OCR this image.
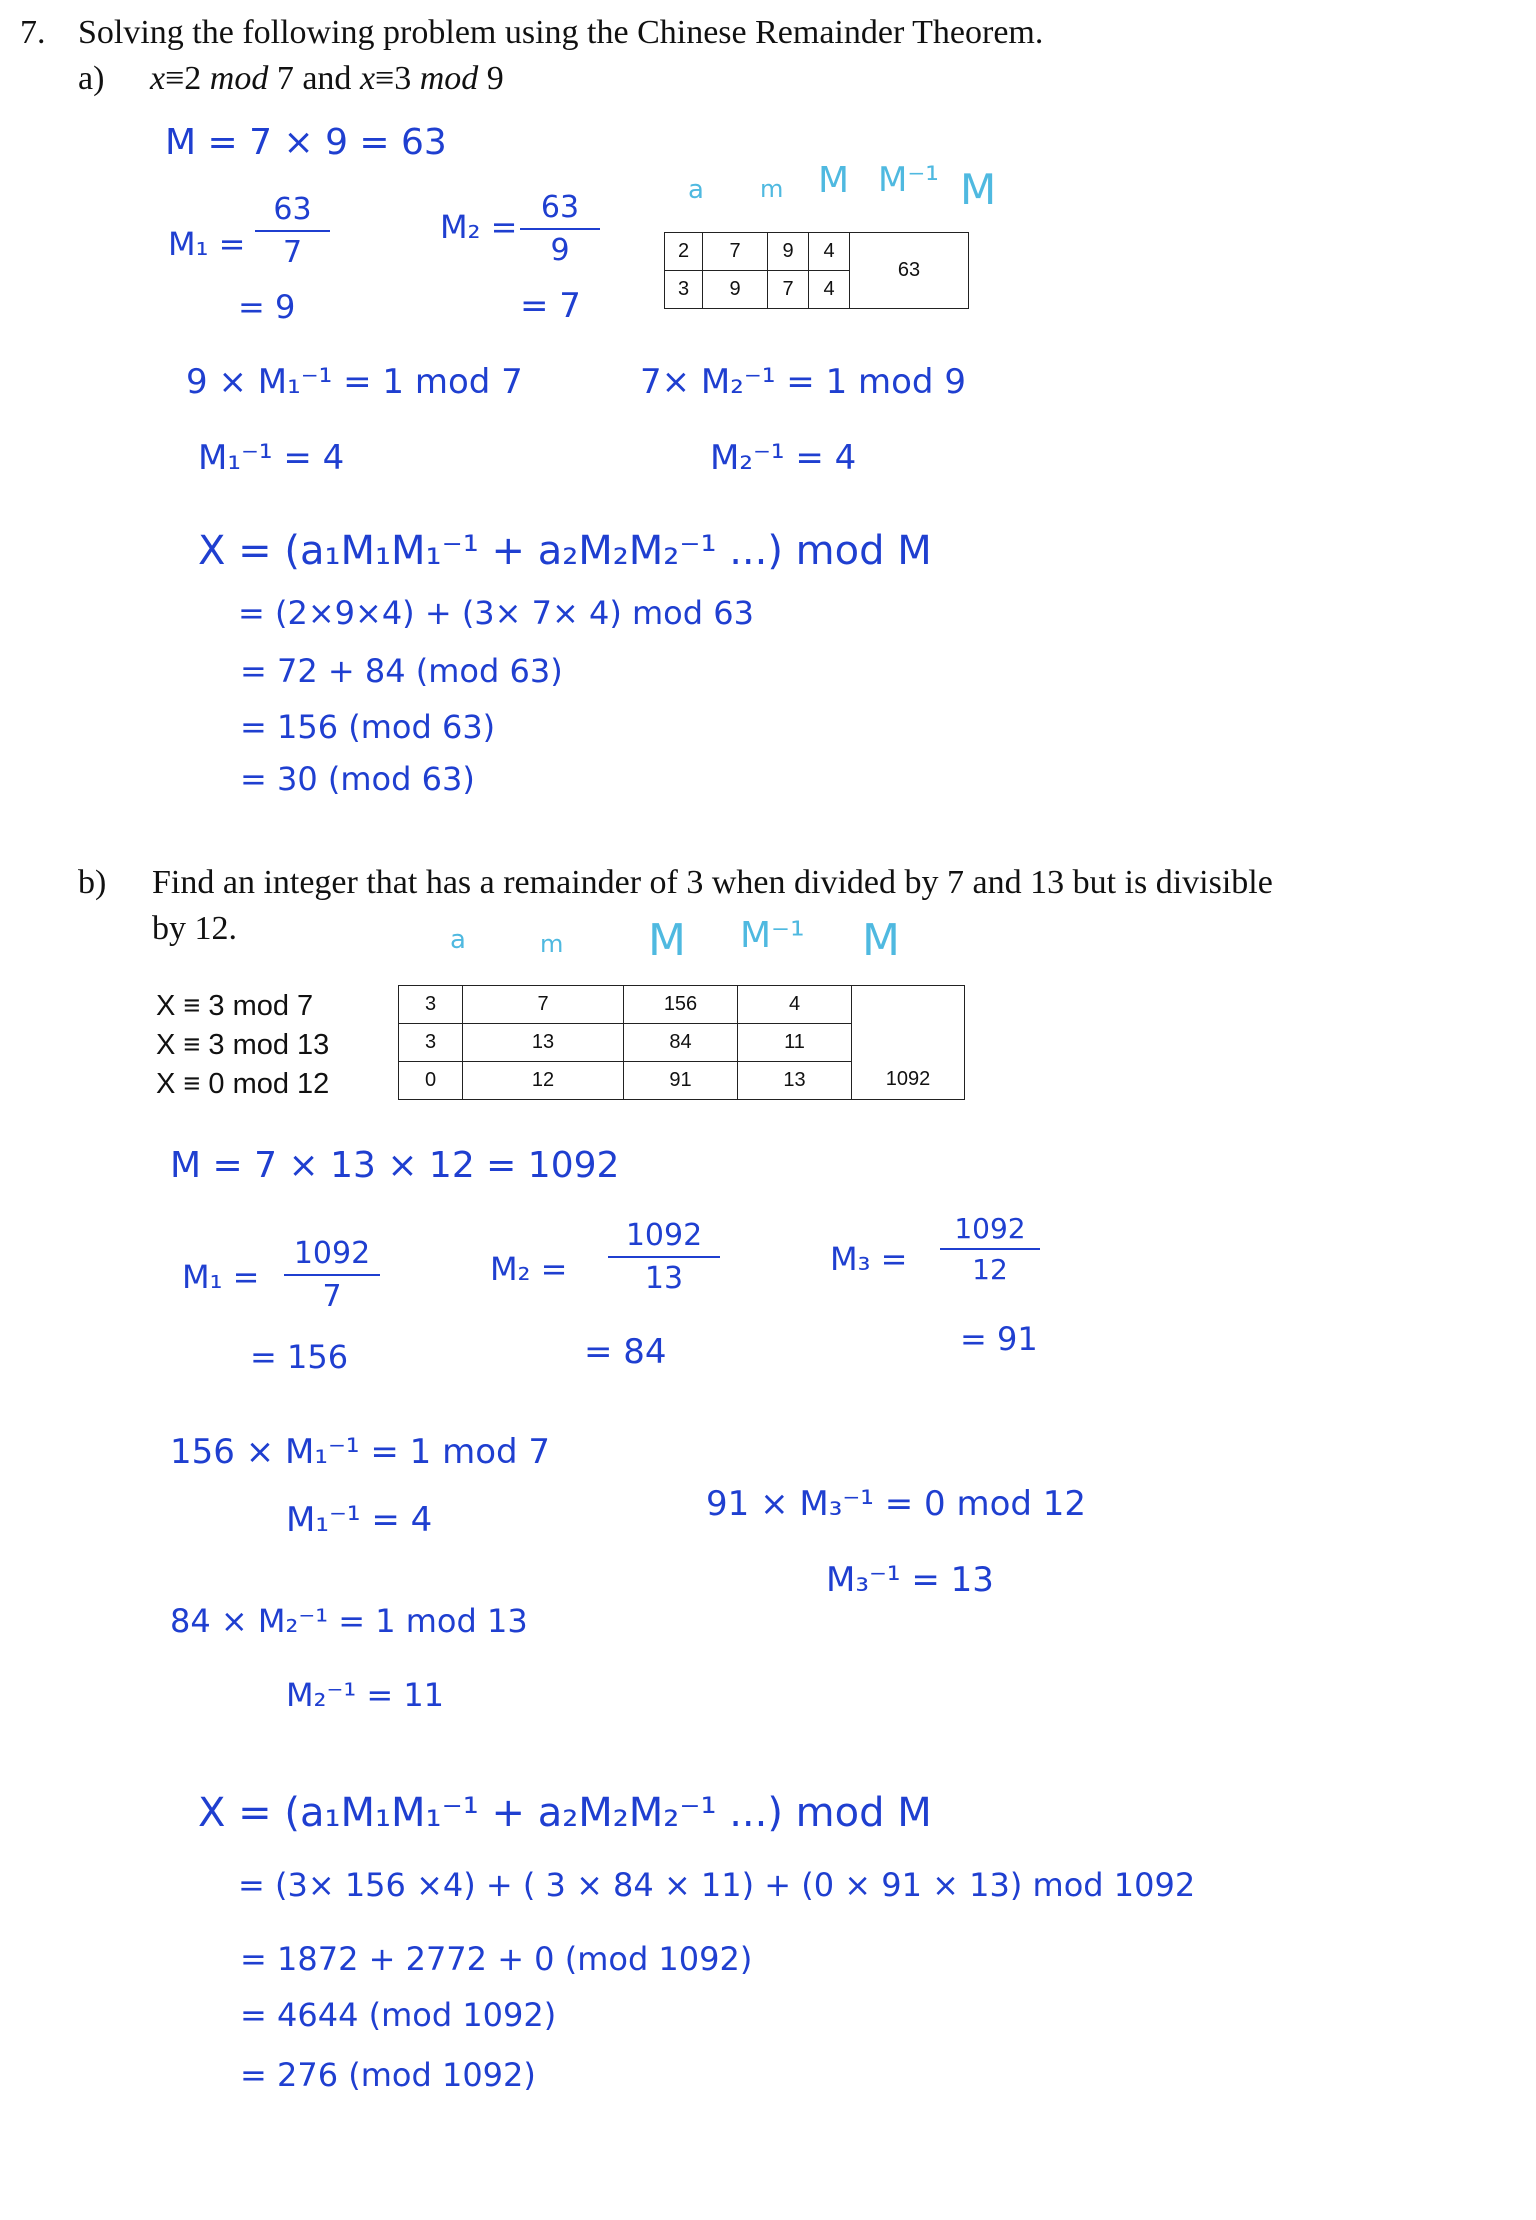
7. Solving the following problem using the Chinese Remainder Theorem.
a) x≡2 mod 7 and x≡3 mod 9
M = 7 × 9 = 63
M₁ =
63
7
= 9
M₂ =
63
9
= 7
a m M M⁻¹ M
2	7	9	4	63
3	9	7	4	
9 × M₁⁻¹ = 1 mod 7
M₁⁻¹ = 4
7× M₂⁻¹ = 1 mod 9
M₂⁻¹ = 4
X = (a₁M₁M₁⁻¹ + a₂M₂M₂⁻¹ ...) mod M
= (2×9×4) + (3× 7× 4) mod 63
= 72 + 84 (mod 63)
= 156 (mod 63)
= 30 (mod 63)
b) Find an integer that has a remainder of 3 when divided by 7 and 13 but is divisible
by 12.	a	m M M⁻¹ M
X ≡ 3 mod 7
X ≡ 3 mod 13
X ≡ 0 mod 12
3	7	156	4	1092
3	13	84	11	
0	12	91	13	
M = 7 × 13 × 12 = 1092
M₁ =
1092
7
= 156
M₂ =
1092
13
= 84
M₃ =
1092
12
= 91
156 × M₁⁻¹ = 1 mod 7
M₁⁻¹ = 4	91 × M₃⁻¹ = 0 mod 12
M₃⁻¹ = 13
84 × M₂⁻¹ = 1 mod 13
M₂⁻¹ = 11
X = (a₁M₁M₁⁻¹ + a₂M₂M₂⁻¹ ...) mod M
= (3× 156 ×4) + ( 3 × 84 × 11) + (0 × 91 × 13) mod 1092
= 1872 + 2772 + 0 (mod 1092)
= 4644 (mod 1092)
= 276 (mod 1092)
